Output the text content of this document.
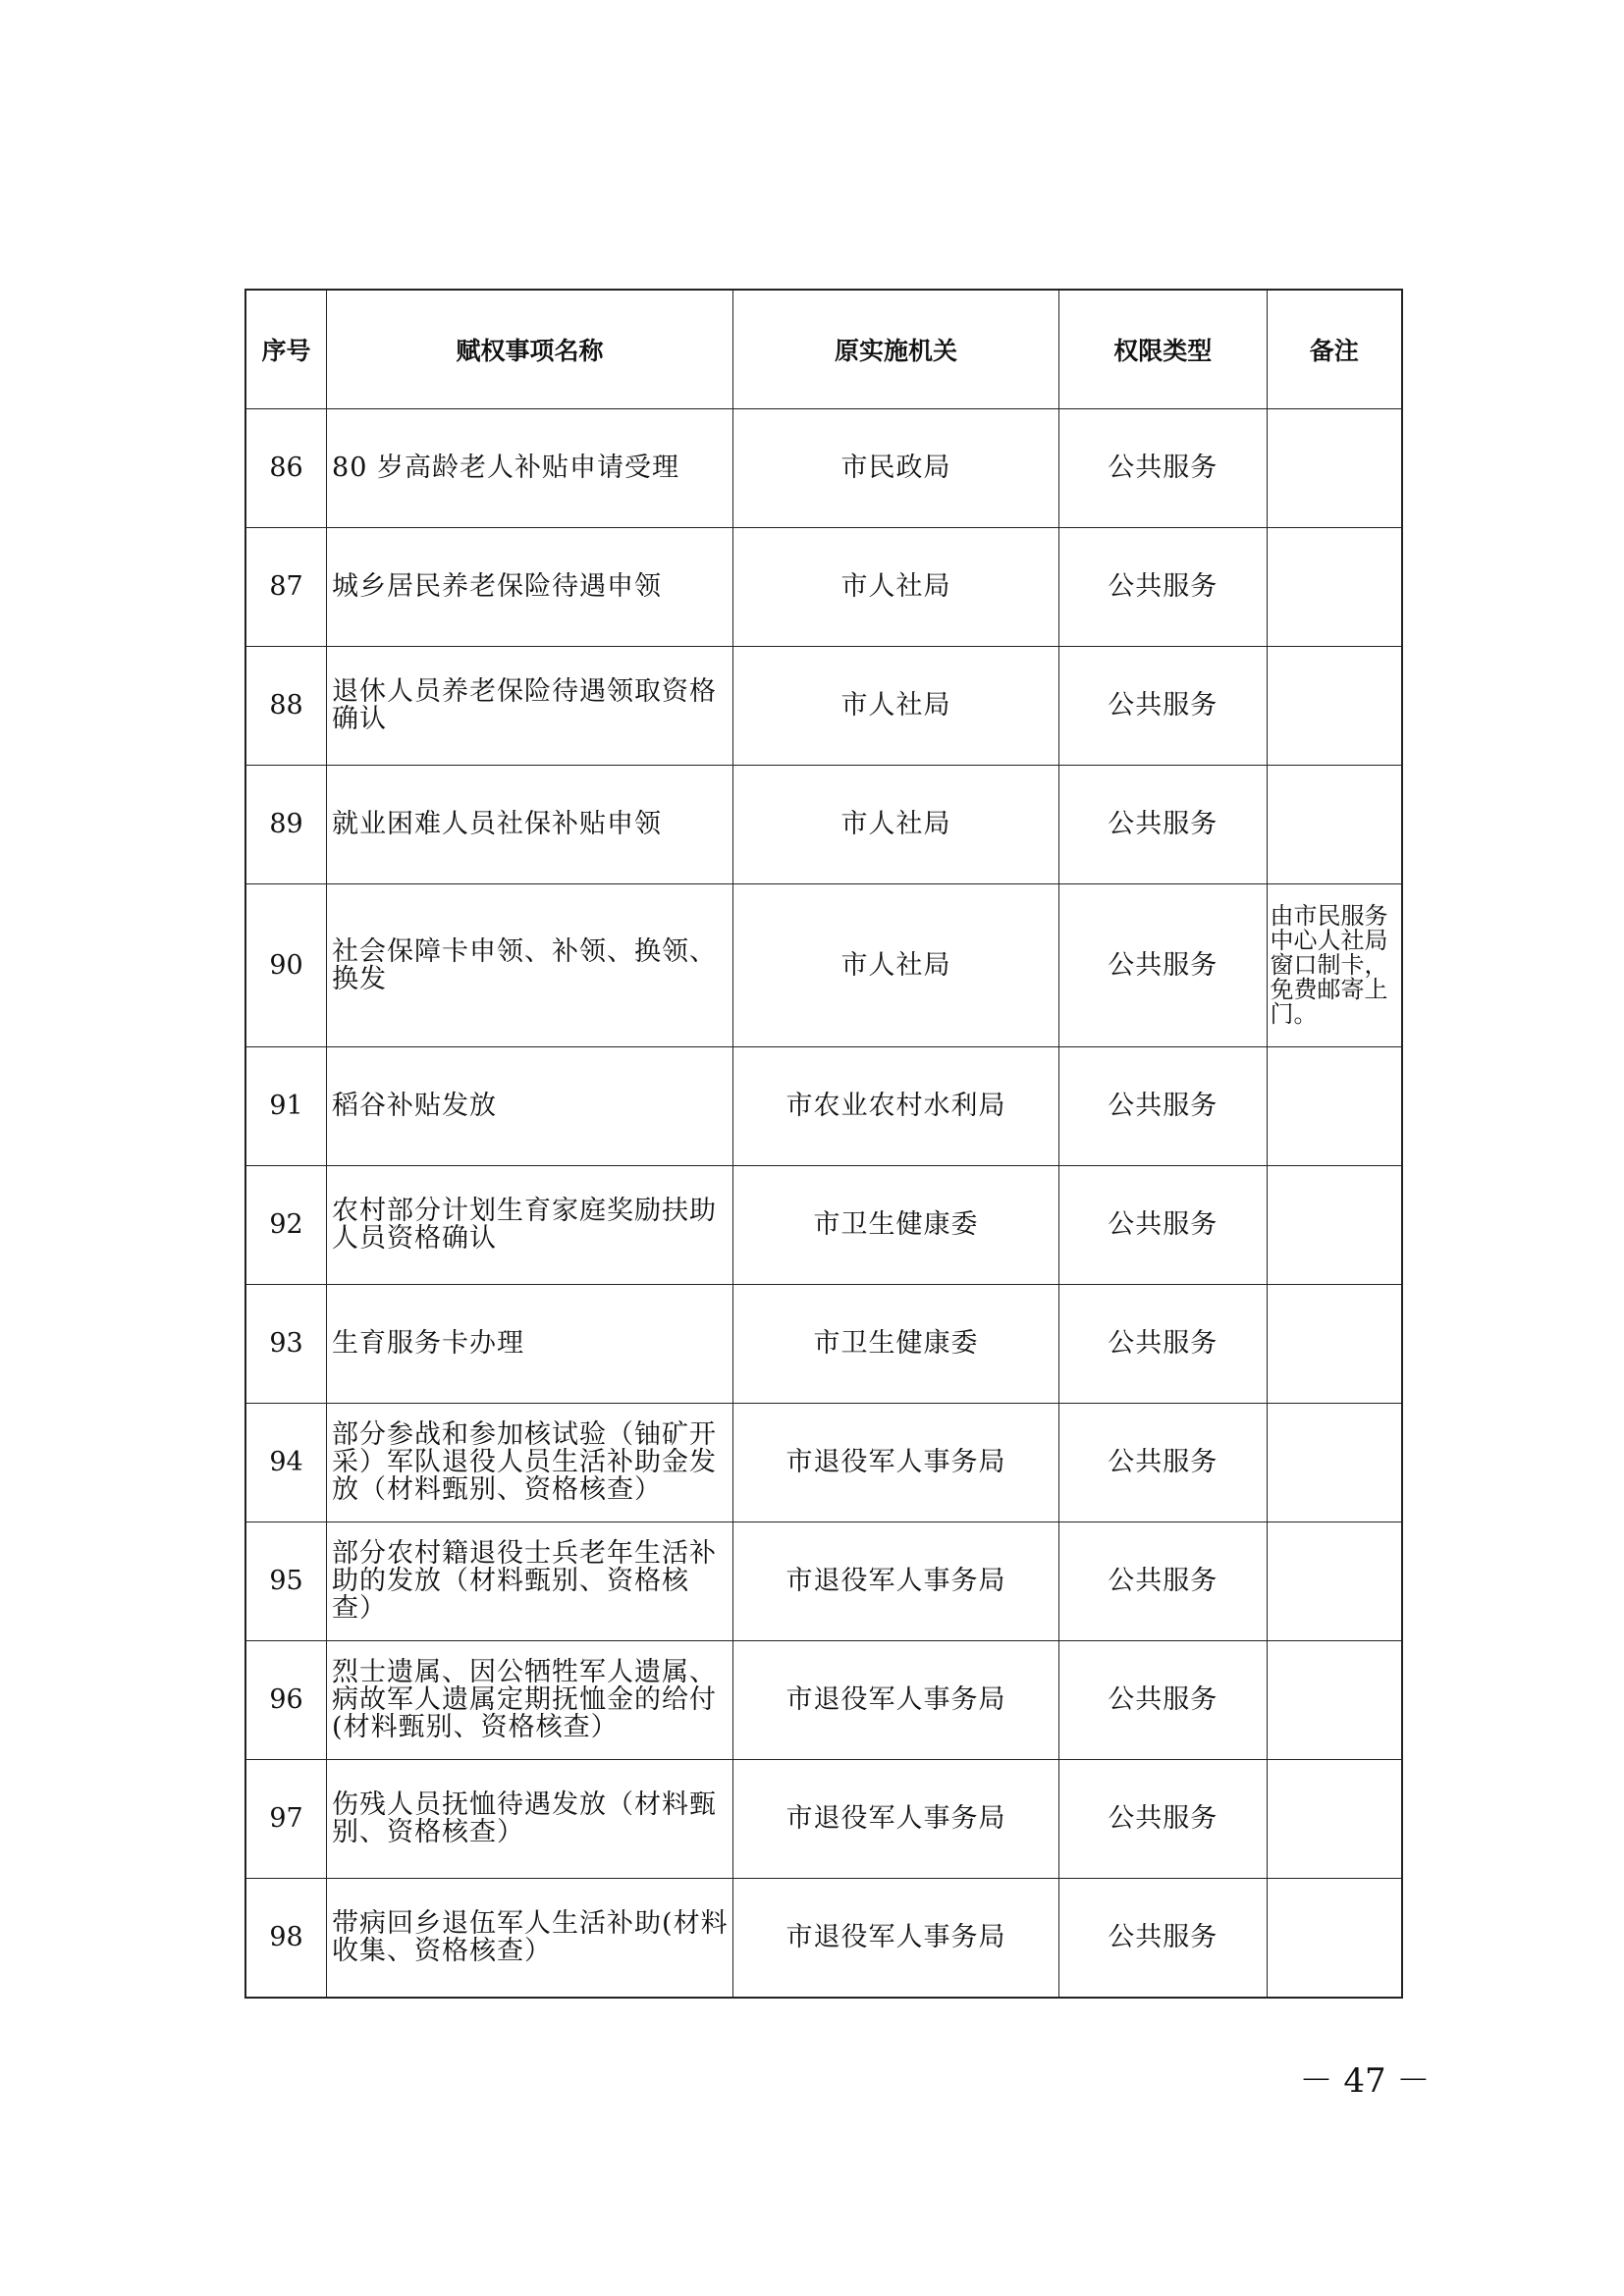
序号	赋权事项名称	原实施机关	权限类型	备注
86	80 岁高龄老人补贴申请受理	市民政局	公共服务	
87	城乡居民养老保险待遇申领	市人社局	公共服务	
88	退休人员养老保险待遇领取资格确认	市人社局	公共服务	
89	就业困难人员社保补贴申领	市人社局	公共服务	
90	社会保障卡申领、补领、换领、换发	市人社局	公共服务	由市民服务中心人社局窗口制卡，免费邮寄上门。
91	稻谷补贴发放	市农业农村水利局	公共服务	
92	农村部分计划生育家庭奖励扶助人员资格确认	市卫生健康委	公共服务	
93	生育服务卡办理	市卫生健康委	公共服务	
94	部分参战和参加核试验（铀矿开采）军队退役人员生活补助金发放（材料甄别、资格核查）	市退役军人事务局	公共服务	
95	部分农村籍退役士兵老年生活补助的发放（材料甄别、资格核查）	市退役军人事务局	公共服务	
96	烈士遗属、因公牺牲军人遗属、病故军人遗属定期抚恤金的给付(材料甄别、资格核查）	市退役军人事务局	公共服务	
97	伤残人员抚恤待遇发放（材料甄别、资格核查）	市退役军人事务局	公共服务	
98	带病回乡退伍军人生活补助(材料收集、资格核查）	市退役军人事务局	公共服务	
－ 47 －
